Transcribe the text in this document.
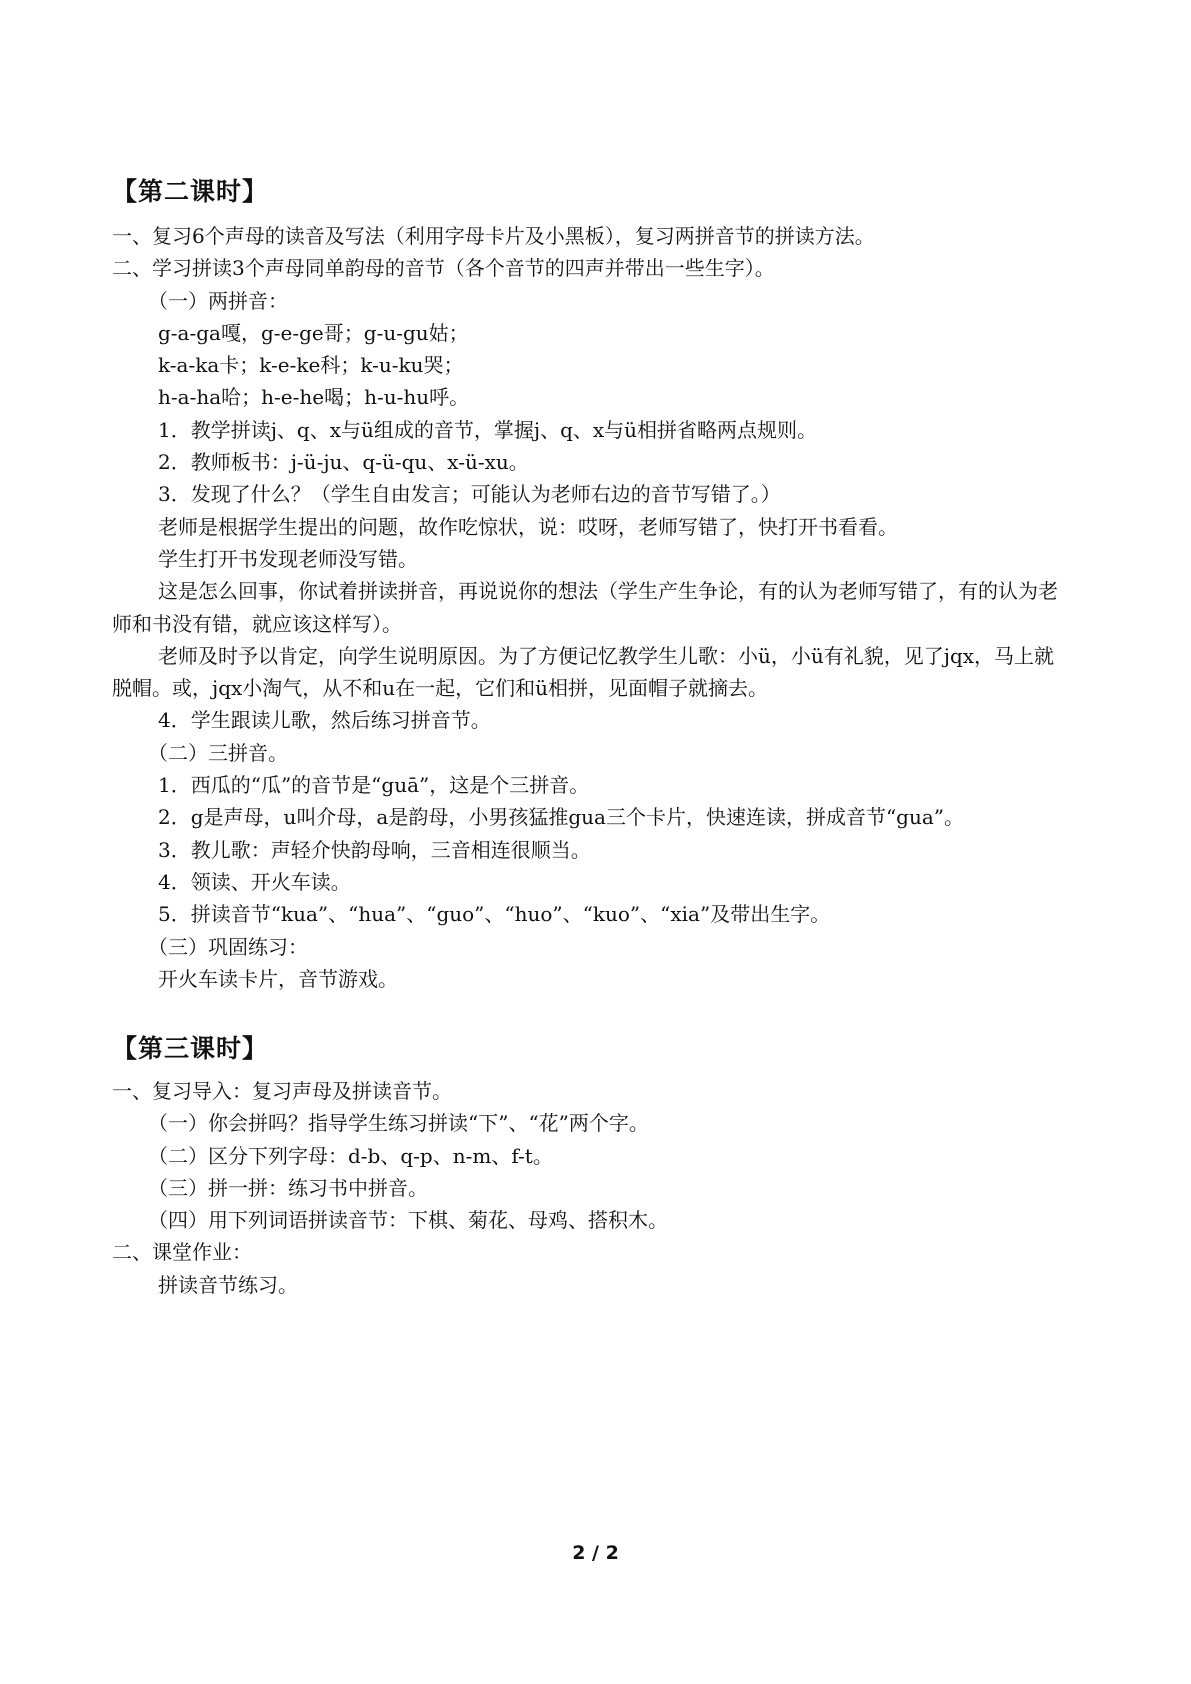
【第二课时】
一、复习6个声母的读音及写法（利用字母卡片及小黑板），复习两拼音节的拼读方法。
二、学习拼读3个声母同单韵母的音节（各个音节的四声并带出一些生字）。
（一）两拼音：
g-a-ga嘎，g-e-ge哥；g-u-gu姑；
k-a-ka卡；k-e-ke科；k-u-ku哭；
h-a-ha哈；h-e-he喝；h-u-hu呼。
1．教学拼读j、q、x与ü组成的音节，掌握j、q、x与ü相拼省略两点规则。
2．教师板书：j-ü-ju、q-ü-qu、x-ü-xu。
3．发现了什么？（学生自由发言；可能认为老师右边的音节写错了。）
老师是根据学生提出的问题，故作吃惊状，说：哎呀，老师写错了，快打开书看看。
学生打开书发现老师没写错。
这是怎么回事，你试着拼读拼音，再说说你的想法（学生产生争论，有的认为老师写错了，有的认为老师和书没有错，就应该这样写）。
老师及时予以肯定，向学生说明原因。为了方便记忆教学生儿歌：小ü，小ü有礼貌，见了jqx，马上就脱帽。或，jqx小淘气，从不和u在一起，它们和ü相拼，见面帽子就摘去。
4．学生跟读儿歌，然后练习拼音节。
（二）三拼音。
1．西瓜的“瓜”的音节是“guā”，这是个三拼音。
2．g是声母，u叫介母，a是韵母，小男孩猛推gua三个卡片，快速连读，拼成音节“gua”。
3．教儿歌：声轻介快韵母响，三音相连很顺当。
4．领读、开火车读。
5．拼读音节“kua”、“hua”、“guo”、“huo”、“kuo”、“xia”及带出生字。
（三）巩固练习：
开火车读卡片，音节游戏。
【第三课时】
一、复习导入：复习声母及拼读音节。
（一）你会拼吗？指导学生练习拼读“下”、“花”两个字。
（二）区分下列字母：d-b、q-p、n-m、f-t。
（三）拼一拼：练习书中拼音。
（四）用下列词语拼读音节：下棋、菊花、母鸡、搭积木。
二、课堂作业：
拼读音节练习。
2 / 2
